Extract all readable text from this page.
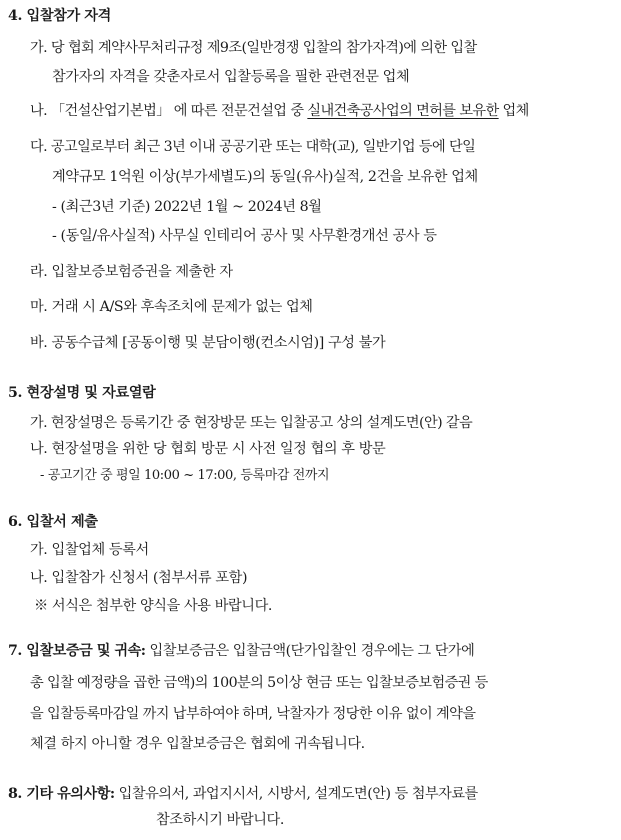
4. 입찰참가 자격
가. 당 협회 계약사무처리규정 제9조(일반경쟁 입찰의 참가자격)에 의한 입찰
참가자의 자격을 갖춘자로서 입찰등록을 필한 관련전문 업체
나. 「건설산업기본법」 에 따른 전문건설업 중 실내건축공사업의 면허를 보유한 업체
다. 공고일로부터 최근 3년 이내 공공기관 또는 대학(교), 일반기업 등에 단일
계약규모 1억원 이상(부가세별도)의 동일(유사)실적, 2건을 보유한 업체
- (최근3년 기준) 2022년 1월 ~ 2024년 8월
- (동일/유사실적) 사무실 인테리어 공사 및 사무환경개선 공사 등
라. 입찰보증보험증권을 제출한 자
마. 거래 시 A/S와 후속조치에 문제가 없는 업체
바. 공동수급체 [공동이행 및 분담이행(컨소시엄)] 구성 불가
5. 현장설명 및 자료열람
가. 현장설명은 등록기간 중 현장방문 또는 입찰공고 상의 설계도면(안) 갈음
나. 현장설명을 위한 당 협회 방문 시 사전 일정 협의 후 방문
- 공고기간 중 평일 10:00 ~ 17:00, 등록마감 전까지
6. 입찰서 제출
가. 입찰업체 등록서
나. 입찰참가 신청서 (첨부서류 포함)
※ 서식은 첨부한 양식을 사용 바랍니다.
7. 입찰보증금 및 귀속: 입찰보증금은 입찰금액(단가입찰인 경우에는 그 단가에
총 입찰 예정량을 곱한 금액)의 100분의 5이상 현금 또는 입찰보증보험증권 등
을 입찰등록마감일 까지 납부하여야 하며, 낙찰자가 정당한 이유 없이 계약을
체결 하지 아니할 경우 입찰보증금은 협회에 귀속됩니다.
8. 기타 유의사항: 입찰유의서, 과업지시서, 시방서, 설계도면(안) 등 첨부자료를
참조하시기 바랍니다.
